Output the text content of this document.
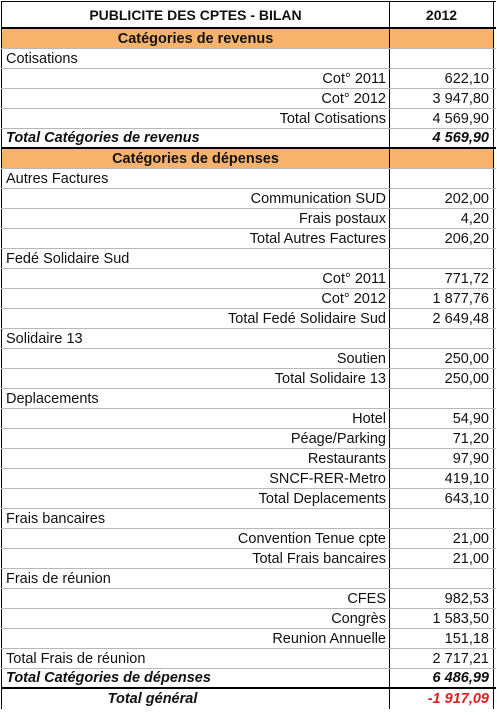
PUBLICITE DES CPTES - BILAN	2012
Catégories de revenus
Cotisations
Cot° 2011	622,10
Cot° 2012	3 947,80
Total Cotisations	4 569,90
Total Catégories de revenus	4 569,90
Catégories de dépenses
Autres Factures
Communication SUD	202,00
Frais postaux	4,20
Total Autres Factures	206,20
Fedé Solidaire Sud
Cot° 2011	771,72
Cot° 2012	1 877,76
Total Fedé Solidaire Sud	2 649,48
Solidaire 13
Soutien	250,00
Total Solidaire 13	250,00
Deplacements
Hotel	54,90
Péage/Parking	71,20
Restaurants	97,90
SNCF-RER-Metro	419,10
Total Deplacements	643,10
Frais bancaires
Convention Tenue cpte	21,00
Total Frais bancaires	21,00
Frais de réunion
CFES	982,53
Congrès	1 583,50
Reunion Annuelle	151,18
Total Frais de réunion	2 717,21
Total Catégories de dépenses	6 486,99
Total général	-1 917,09
